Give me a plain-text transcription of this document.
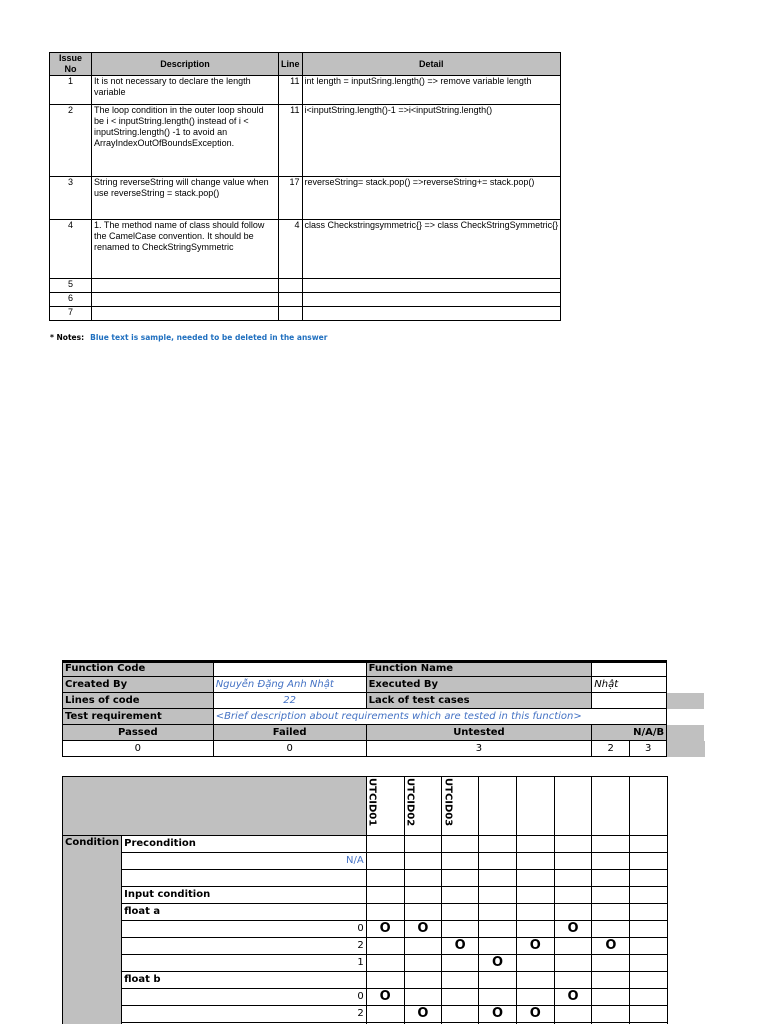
Issue No	Description	Line	Detail
1	It is not necessary to declare the length variable	11	int length = inputSring.length() => remove variable length
2	The loop condition in the outer loop should be i < inputString.length() instead of i < inputString.length() -1 to avoid an ArrayIndexOutOfBoundsException.	11	i<inputString.length()-1 =>i<inputString.length()
3	String reverseString will change value when use reverseString = stack.pop()	17	reverseString= stack.pop() =>reverseString+= stack.pop()
4	1. The method name of class should follow the CamelCase convention. It should be renamed to CheckStringSymmetric	4	class Checkstringsymmetric{} => class CheckStringSymmetric{}
5			
6			
7			
* Notes: Blue text is sample, needed to be deleted in the answer
Function Code		Function Name			
Created By	Nguyễn Đặng Anh Nhật	Executed By	Nhật		
Lines of code	22	Lack of test cases			
Test requirement	<Brief description about requirements which are tested in this function>				
Passed	Failed	Untested	N/A/B		
0	0	3	2	3	
		UTCID01	UTCID02	UTCID03					
Condition	Precondition								
	N/A								

	Input condition								
	float a								
	0	O	O				O		
	2			O		O		O	
	1				O				
	float b								
	0	O					O		
	2		O		O	O			
